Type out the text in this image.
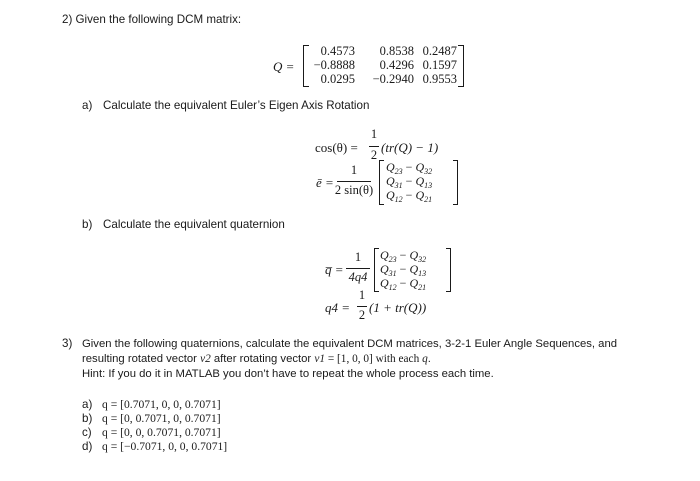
2) Given the following DCM matrix:
Q =
0.4573	0.8538 0.2487
−0.8888	0.4296 0.1597
0.0295	−0.2940 0.9553
a) Calculate the equivalent Euler’s Eigen Axis Rotation
cos(θ) =
1
2 (tr(Q) − 1)
ē =
1
2 sin(θ)
$Q_{23} - Q_{32}$
$Q_{31} - Q_{13}$
$Q_{12} - Q_{21}$
b) Calculate the equivalent quaternion
q̅ =
1
4q4
$Q_{23} - Q_{32}$
$Q_{31} - Q_{13}$
$Q_{12} - Q_{21}$
q4 =
1
2 (1 + tr(Q))
3) Given the following quaternions, calculate the equivalent DCM matrices, 3-2-1 Euler Angle Sequences, and
resulting rotated vector v2 after rotating vector v1 = [1, 0, 0] with each q.
Hint: If you do it in MATLAB you don’t have to repeat the whole process each time.
a) q = [0.7071, 0, 0, 0.7071]
b) q = [0, 0.7071, 0, 0.7071]
c) q = [0, 0, 0.7071, 0.7071]
d) q = [−0.7071, 0, 0, 0.7071]
